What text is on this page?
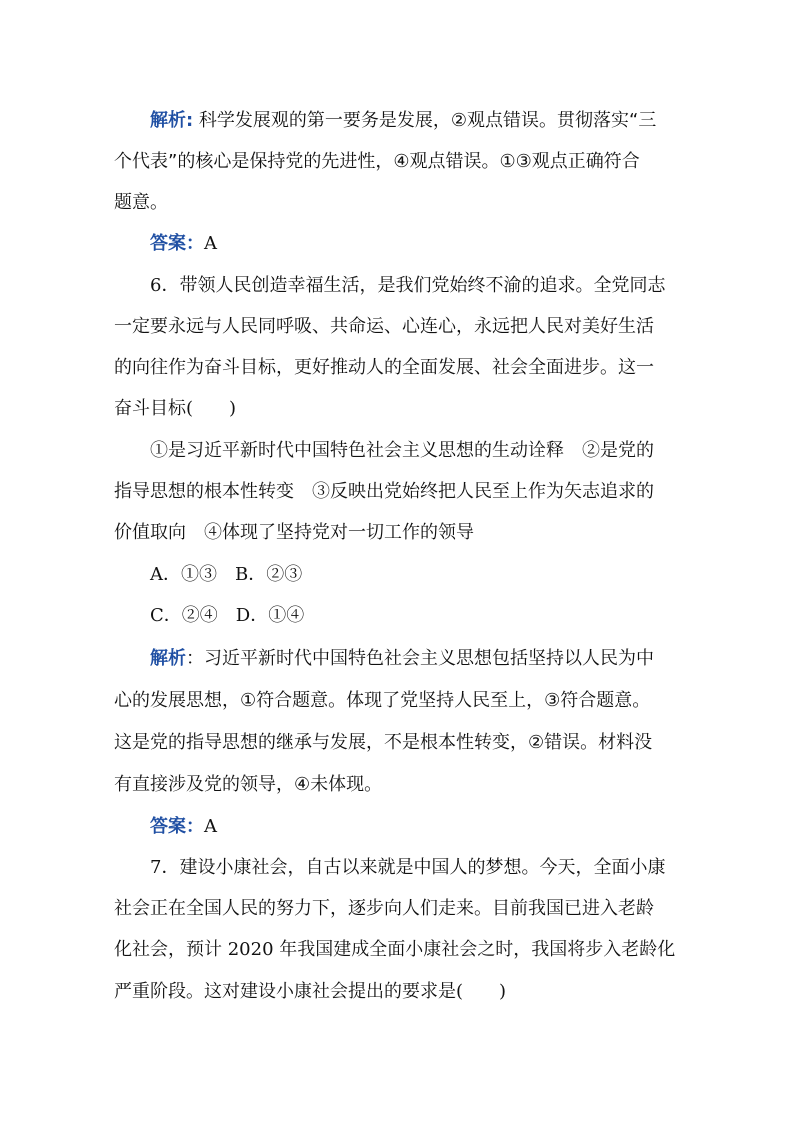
解析: 科学发展观的第一要务是发展，②观点错误。贯彻落实“三
个代表”的核心是保持党的先进性，④观点错误。①③观点正确符合
题意。
答案：A
6．带领人民创造幸福生活，是我们党始终不渝的追求。全党同志
一定要永远与人民同呼吸、共命运、心连心，永远把人民对美好生活
的向往作为奋斗目标，更好推动人的全面发展、社会全面进步。这一
奋斗目标(　　)
①是习近平新时代中国特色社会主义思想的生动诠释　②是党的
指导思想的根本性转变　③反映出党始终把人民至上作为矢志追求的
价值取向　④体现了坚持党对一切工作的领导
A．①③　B．②③
C．②④　D．①④
解析：习近平新时代中国特色社会主义思想包括坚持以人民为中
心的发展思想，①符合题意。体现了党坚持人民至上，③符合题意。
这是党的指导思想的继承与发展，不是根本性转变，②错误。材料没
有直接涉及党的领导，④未体现。
答案：A
7．建设小康社会，自古以来就是中国人的梦想。今天，全面小康
社会正在全国人民的努力下，逐步向人们走来。目前我国已进入老龄
化社会，预计 2020 年我国建成全面小康社会之时，我国将步入老龄化
严重阶段。这对建设小康社会提出的要求是(　　)
